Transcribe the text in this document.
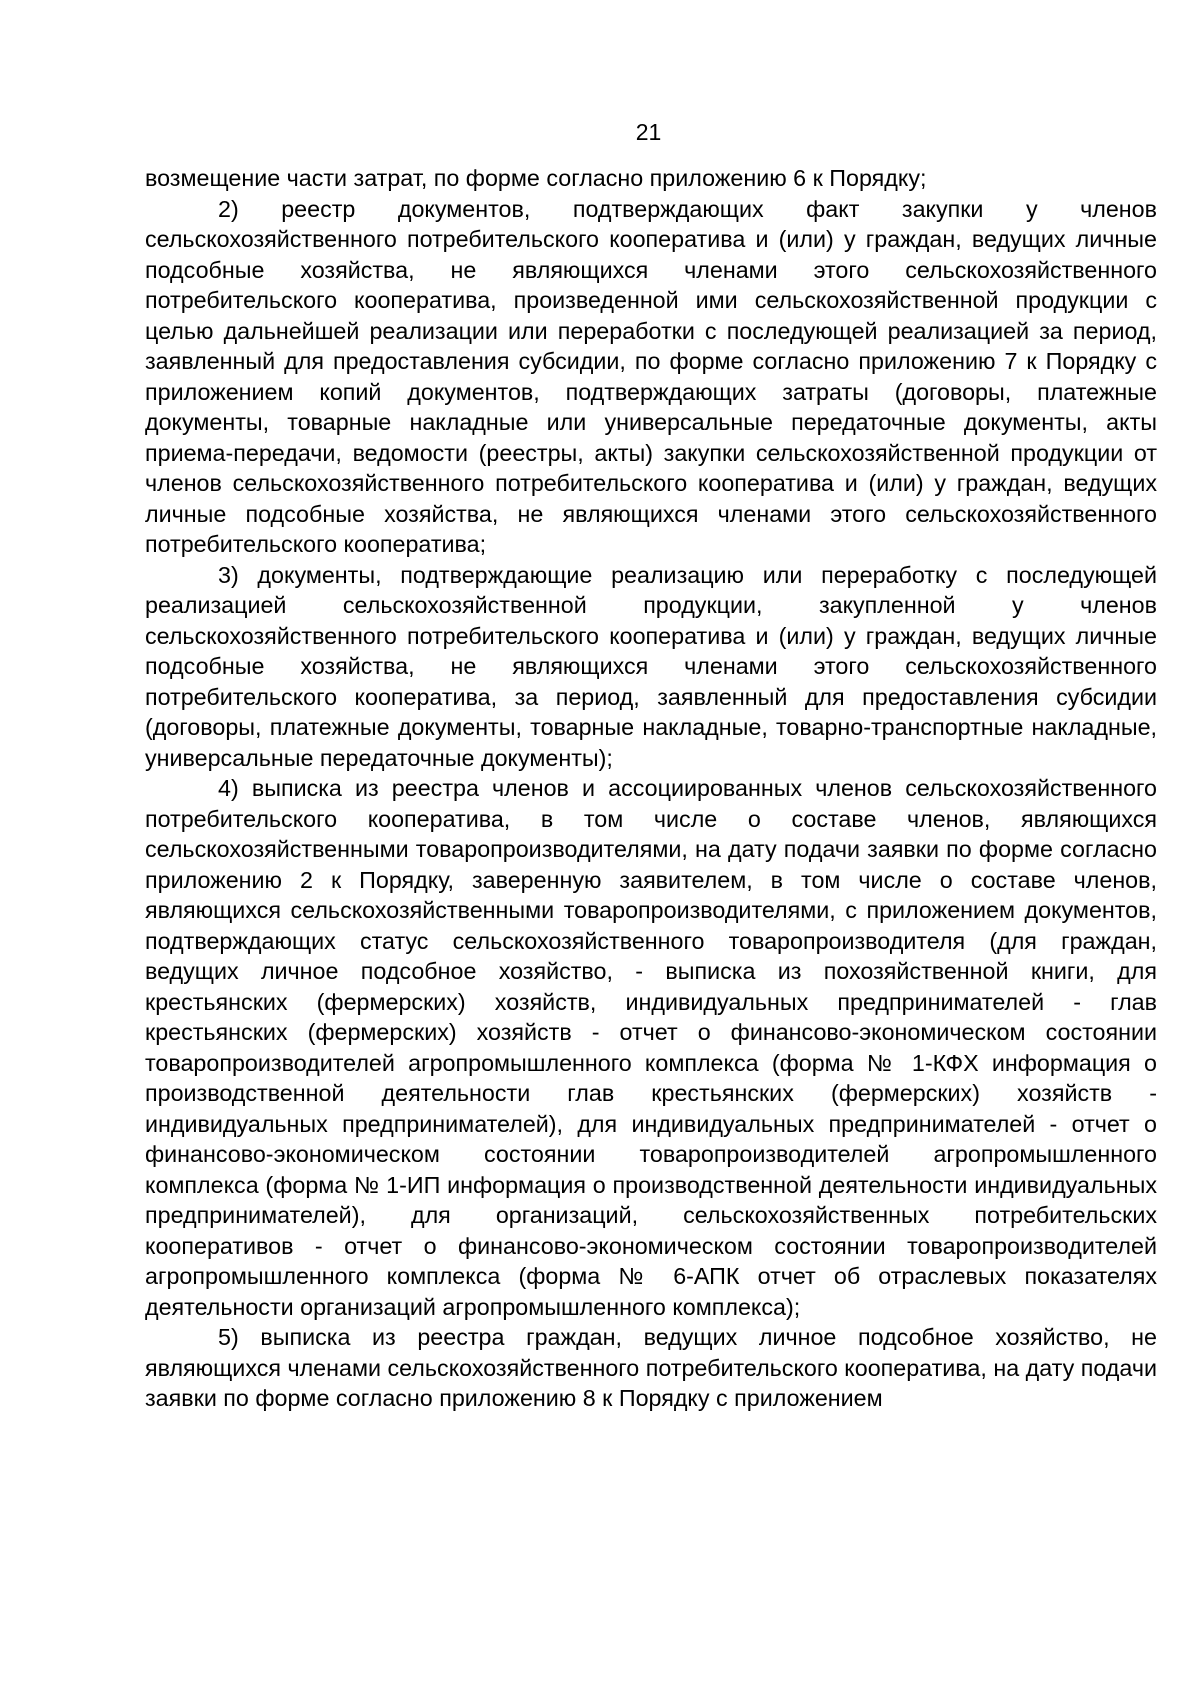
21

возмещение части затрат, по форме согласно приложению 6 к Порядку;

2) реестр документов, подтверждающих факт закупки у членов сельскохозяйственного потребительского кооператива и (или) у граждан, ведущих личные подсобные хозяйства, не являющихся членами этого сельскохозяйственного потребительского кооператива, произведенной ими сельскохозяйственной продукции с целью дальнейшей реализации или переработки с последующей реализацией за период, заявленный для предоставления субсидии, по форме согласно приложению 7 к Порядку с приложением копий документов, подтверждающих затраты (договоры, платежные документы, товарные накладные или универсальные передаточные документы, акты приема-передачи, ведомости (реестры, акты) закупки сельскохозяйственной продукции от членов сельскохозяйственного потребительского кооператива и (или) у граждан, ведущих личные подсобные хозяйства, не являющихся членами этого сельскохозяйственного потребительского кооператива;

3) документы, подтверждающие реализацию или переработку с последующей реализацией сельскохозяйственной продукции, закупленной у членов сельскохозяйственного потребительского кооператива и (или) у граждан, ведущих личные подсобные хозяйства, не являющихся членами этого сельскохозяйственного потребительского кооператива, за период, заявленный для предоставления субсидии (договоры, платежные документы, товарные накладные, товарно-транспортные накладные, универсальные передаточные документы);

4) выписка из реестра членов и ассоциированных членов сельскохозяйственного потребительского кооператива, в том числе о составе членов, являющихся сельскохозяйственными товаропроизводителями, на дату подачи заявки по форме согласно приложению 2 к Порядку, заверенную заявителем, в том числе о составе членов, являющихся сельскохозяйственными товаропроизводителями, с приложением документов, подтверждающих статус сельскохозяйственного товаропроизводителя (для граждан, ведущих личное подсобное хозяйство, - выписка из похозяйственной книги, для крестьянских (фермерских) хозяйств, индивидуальных предпринимателей - глав крестьянских (фермерских) хозяйств - отчет о финансово-экономическом состоянии товаропроизводителей агропромышленного комплекса (форма № 1-КФХ информация о производственной деятельности глав крестьянских (фермерских) хозяйств - индивидуальных предпринимателей), для индивидуальных предпринимателей - отчет о финансово-экономическом состоянии товаропроизводителей агропромышленного комплекса (форма № 1-ИП информация о производственной деятельности индивидуальных предпринимателей), для организаций, сельскохозяйственных потребительских кооперативов - отчет о финансово-экономическом состоянии товаропроизводителей агропромышленного комплекса (форма № 6-АПК отчет об отраслевых показателях деятельности организаций агропромышленного комплекса);

5) выписка из реестра граждан, ведущих личное подсобное хозяйство, не являющихся членами сельскохозяйственного потребительского кооператива, на дату подачи заявки по форме согласно приложению 8 к Порядку с приложением
